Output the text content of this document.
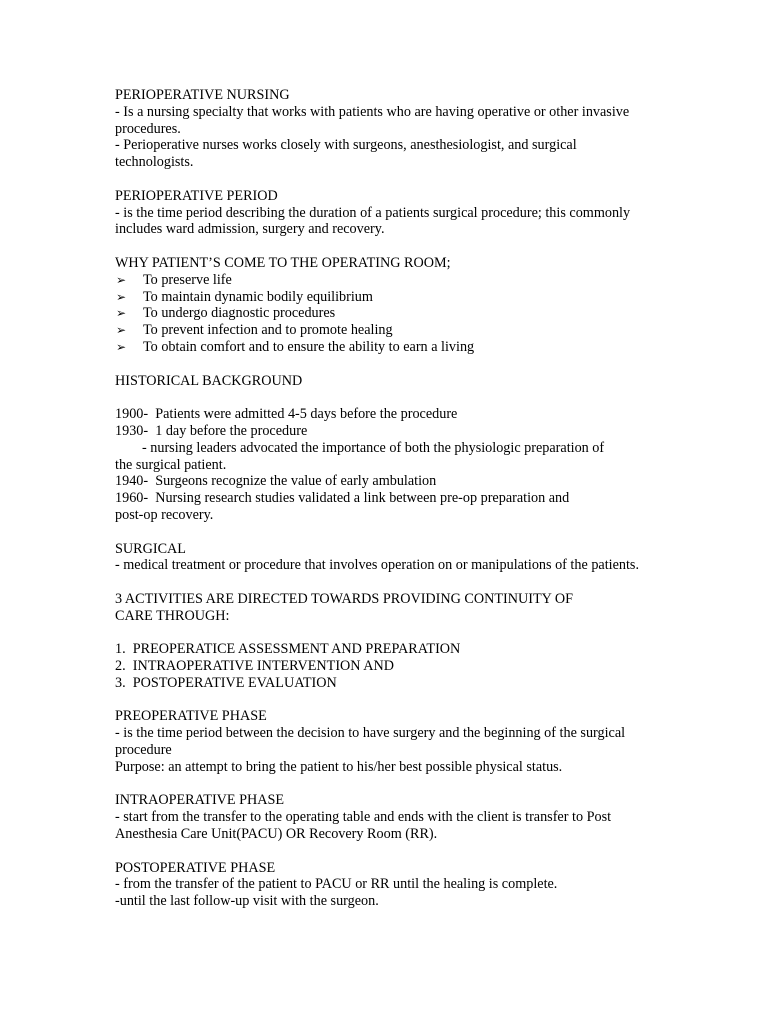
PERIOPERATIVE NURSING
- Is a nursing specialty that works with patients who are having operative or other invasive procedures.
- Perioperative nurses works closely with surgeons, anesthesiologist, and surgical technologists.
PERIOPERATIVE PERIOD
- is the time period describing the duration of a patients surgical procedure; this commonly includes ward admission, surgery and recovery.
WHY PATIENT’S COME TO THE OPERATING ROOM;
➢	To preserve life
➢	To maintain dynamic bodily equilibrium
➢	To undergo diagnostic procedures
➢	To prevent infection and to promote healing
➢	To obtain comfort and to ensure the ability to earn a living
HISTORICAL BACKGROUND
1900-  Patients were admitted 4-5 days before the procedure
1930-  1 day before the procedure
- nursing leaders advocated the importance of both the physiologic preparation of
the surgical patient.
1940-  Surgeons recognize the value of early ambulation
1960-  Nursing research studies validated a link between pre-op preparation and
post-op recovery.
SURGICAL
- medical treatment or procedure that involves operation on or manipulations of the patients.
3 ACTIVITIES ARE DIRECTED TOWARDS PROVIDING CONTINUITY OF
CARE THROUGH:
1.  PREOPERATICE ASSESSMENT AND PREPARATION
2.  INTRAOPERATIVE INTERVENTION AND
3.  POSTOPERATIVE EVALUATION
PREOPERATIVE PHASE
- is the time period between the decision to have surgery and the beginning of the surgical procedure
Purpose: an attempt to bring the patient to his/her best possible physical status.
INTRAOPERATIVE PHASE
- start from the transfer to the operating table and ends with the client is transfer to Post Anesthesia Care Unit(PACU) OR Recovery Room (RR).
POSTOPERATIVE PHASE
- from the transfer of the patient to PACU or RR until the healing is complete.
-until the last follow-up visit with the surgeon.
